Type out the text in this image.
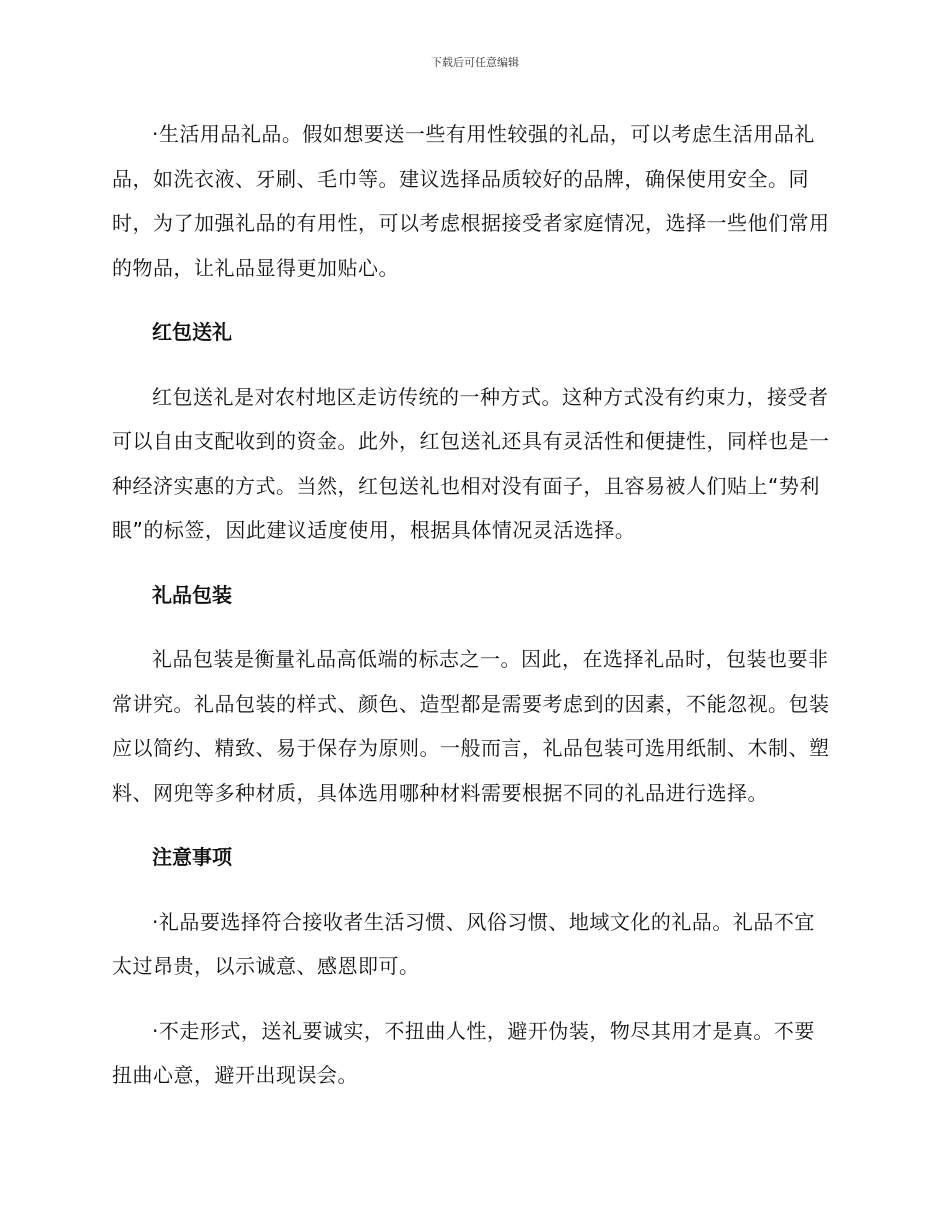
下载后可任意编辑

·生活用品礼品。假如想要送一些有用性较强的礼品，可以考虑生活用品礼品，如洗衣液、牙刷、毛巾等。建议选择品质较好的品牌，确保使用安全。同时，为了加强礼品的有用性，可以考虑根据接受者家庭情况，选择一些他们常用的物品，让礼品显得更加贴心。

红包送礼

红包送礼是对农村地区走访传统的一种方式。这种方式没有约束力，接受者可以自由支配收到的资金。此外，红包送礼还具有灵活性和便捷性，同样也是一种经济实惠的方式。当然，红包送礼也相对没有面子，且容易被人们贴上“势利眼”的标签，因此建议适度使用，根据具体情况灵活选择。

礼品包装

礼品包装是衡量礼品高低端的标志之一。因此，在选择礼品时，包装也要非常讲究。礼品包装的样式、颜色、造型都是需要考虑到的因素，不能忽视。包装应以简约、精致、易于保存为原则。一般而言，礼品包装可选用纸制、木制、塑料、网兜等多种材质，具体选用哪种材料需要根据不同的礼品进行选择。

注意事项

·礼品要选择符合接收者生活习惯、风俗习惯、地域文化的礼品。礼品不宜太过昂贵，以示诚意、感恩即可。

·不走形式，送礼要诚实，不扭曲人性，避开伪装，物尽其用才是真。不要扭曲心意，避开出现误会。
